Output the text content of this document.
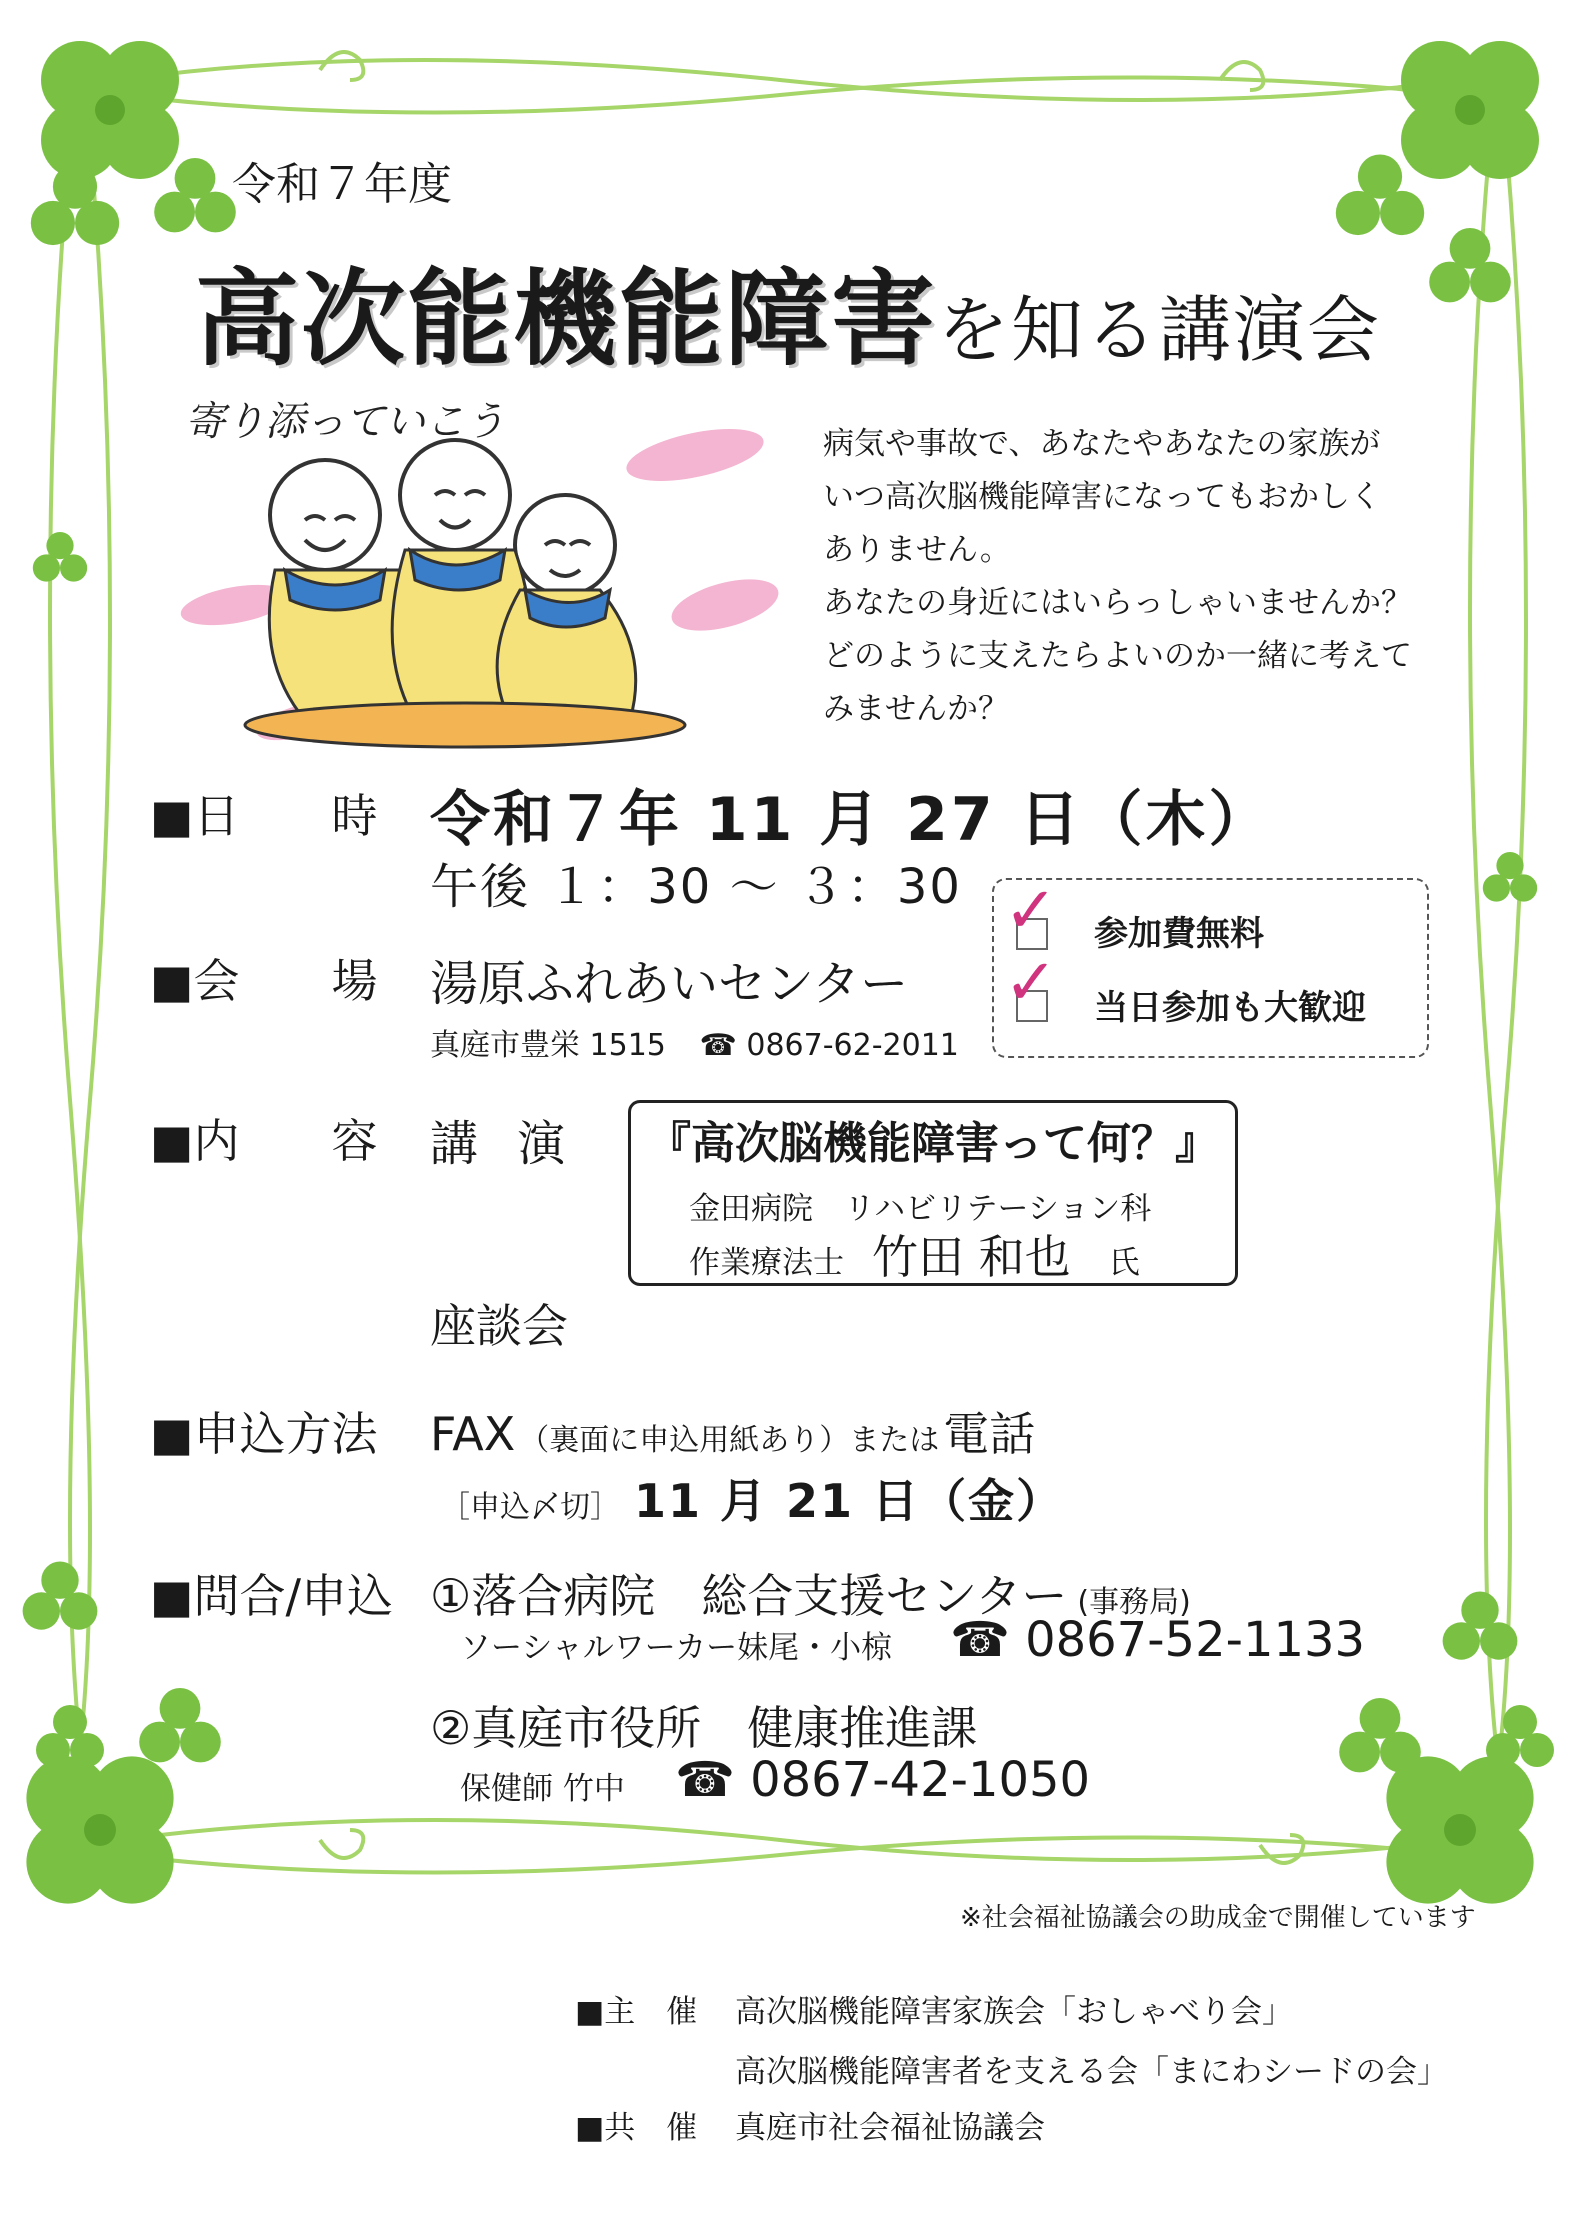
令和７年度
高次能機能障害を知る講演会
寄り添っていこう	病気や事故で、あなたやあなたの家族が
いつ高次脳機能障害になってもおかしく
ありません。
あなたの身近にはいらっしゃいませんか？
どのように支えたらよいのか一緒に考えて
みませんか？
■日　　時 令和７年 11 月 27 日（木）
午後 １：30 ～ ３：30 ✓ 参加費無料
✓ 当日参加も大歓迎
■会　　場 湯原ふれあいセンター
真庭市豊栄 1515 ☎ 0867-62-2011
■内　　容 講 演	『高次脳機能障害って何？』
金田病院　リハビリテーション科
作業療法士 竹田 和也 氏
座談会
■申込方法 FAX （裏面に申込用紙あり）または電話
［申込〆切］ 11 月 21 日（金）
■問合/申込 ①落合病院　総合支援センター (事務局)
ソーシャルワーカー妹尾・小椋 ☎ 0867-52-1133
②真庭市役所　健康推進課
保健師 竹中 ☎ 0867-42-1050
※社会福祉協議会の助成金で開催しています
■主　催 高次脳機能障害家族会「おしゃべり会」
高次脳機能障害者を支える会「まにわシードの会」
■共　催 真庭市社会福祉協議会
